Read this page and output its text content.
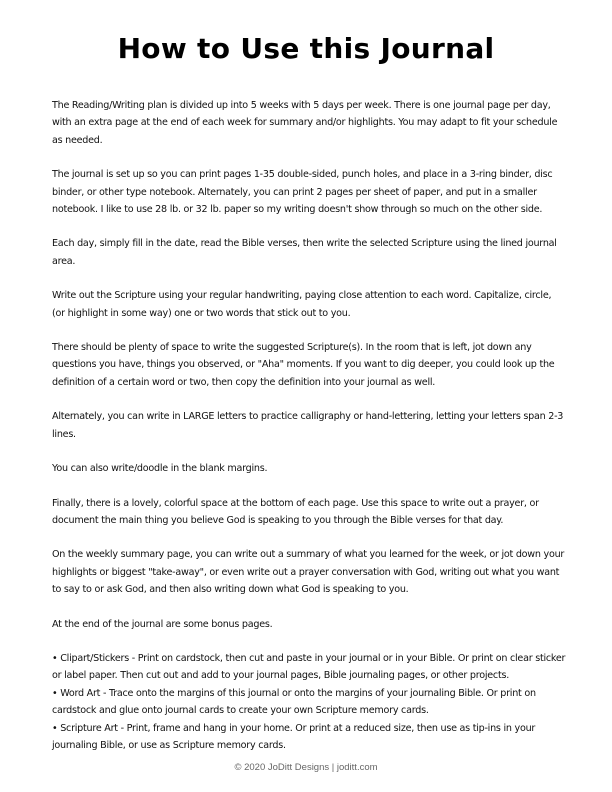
How to Use this Journal

The Reading/Writing plan is divided up into 5 weeks with 5 days per week. There is one journal page per day, with an extra page at the end of each week for summary and/or highlights. You may adapt to fit your schedule as needed.

The journal is set up so you can print pages 1-35 double-sided, punch holes, and place in a 3-ring binder, disc binder, or other type notebook. Alternately, you can print 2 pages per sheet of paper, and put in a smaller notebook. I like to use 28 lb. or 32 lb. paper so my writing doesn't show through so much on the other side.

Each day, simply fill in the date, read the Bible verses, then write the selected Scripture using the lined journal area.

Write out the Scripture using your regular handwriting, paying close attention to each word. Capitalize, circle, (or highlight in some way) one or two words that stick out to you.

There should be plenty of space to write the suggested Scripture(s). In the room that is left, jot down any questions you have, things you observed, or "Aha" moments. If you want to dig deeper, you could look up the definition of a certain word or two, then copy the definition into your journal as well.

Alternately, you can write in LARGE letters to practice calligraphy or hand-lettering, letting your letters span 2-3 lines.

You can also write/doodle in the blank margins.

Finally, there is a lovely, colorful space at the bottom of each page. Use this space to write out a prayer, or document the main thing you believe God is speaking to you through the Bible verses for that day.

On the weekly summary page, you can write out a summary of what you learned for the week, or jot down your highlights or biggest "take-away", or even write out a prayer conversation with God, writing out what you want to say to or ask God, and then also writing down what God is speaking to you.

At the end of the journal are some bonus pages.

• Clipart/Stickers - Print on cardstock, then cut and paste in your journal or in your Bible. Or print on clear sticker or label paper. Then cut out and add to your journal pages, Bible journaling pages, or other projects.
• Word Art - Trace onto the margins of this journal or onto the margins of your journaling Bible. Or print on cardstock and glue onto journal cards to create your own Scripture memory cards.
• Scripture Art - Print, frame and hang in your home. Or print at a reduced size, then use as tip-ins in your journaling Bible, or use as Scripture memory cards.
© 2020 JoDitt Designs | joditt.com
